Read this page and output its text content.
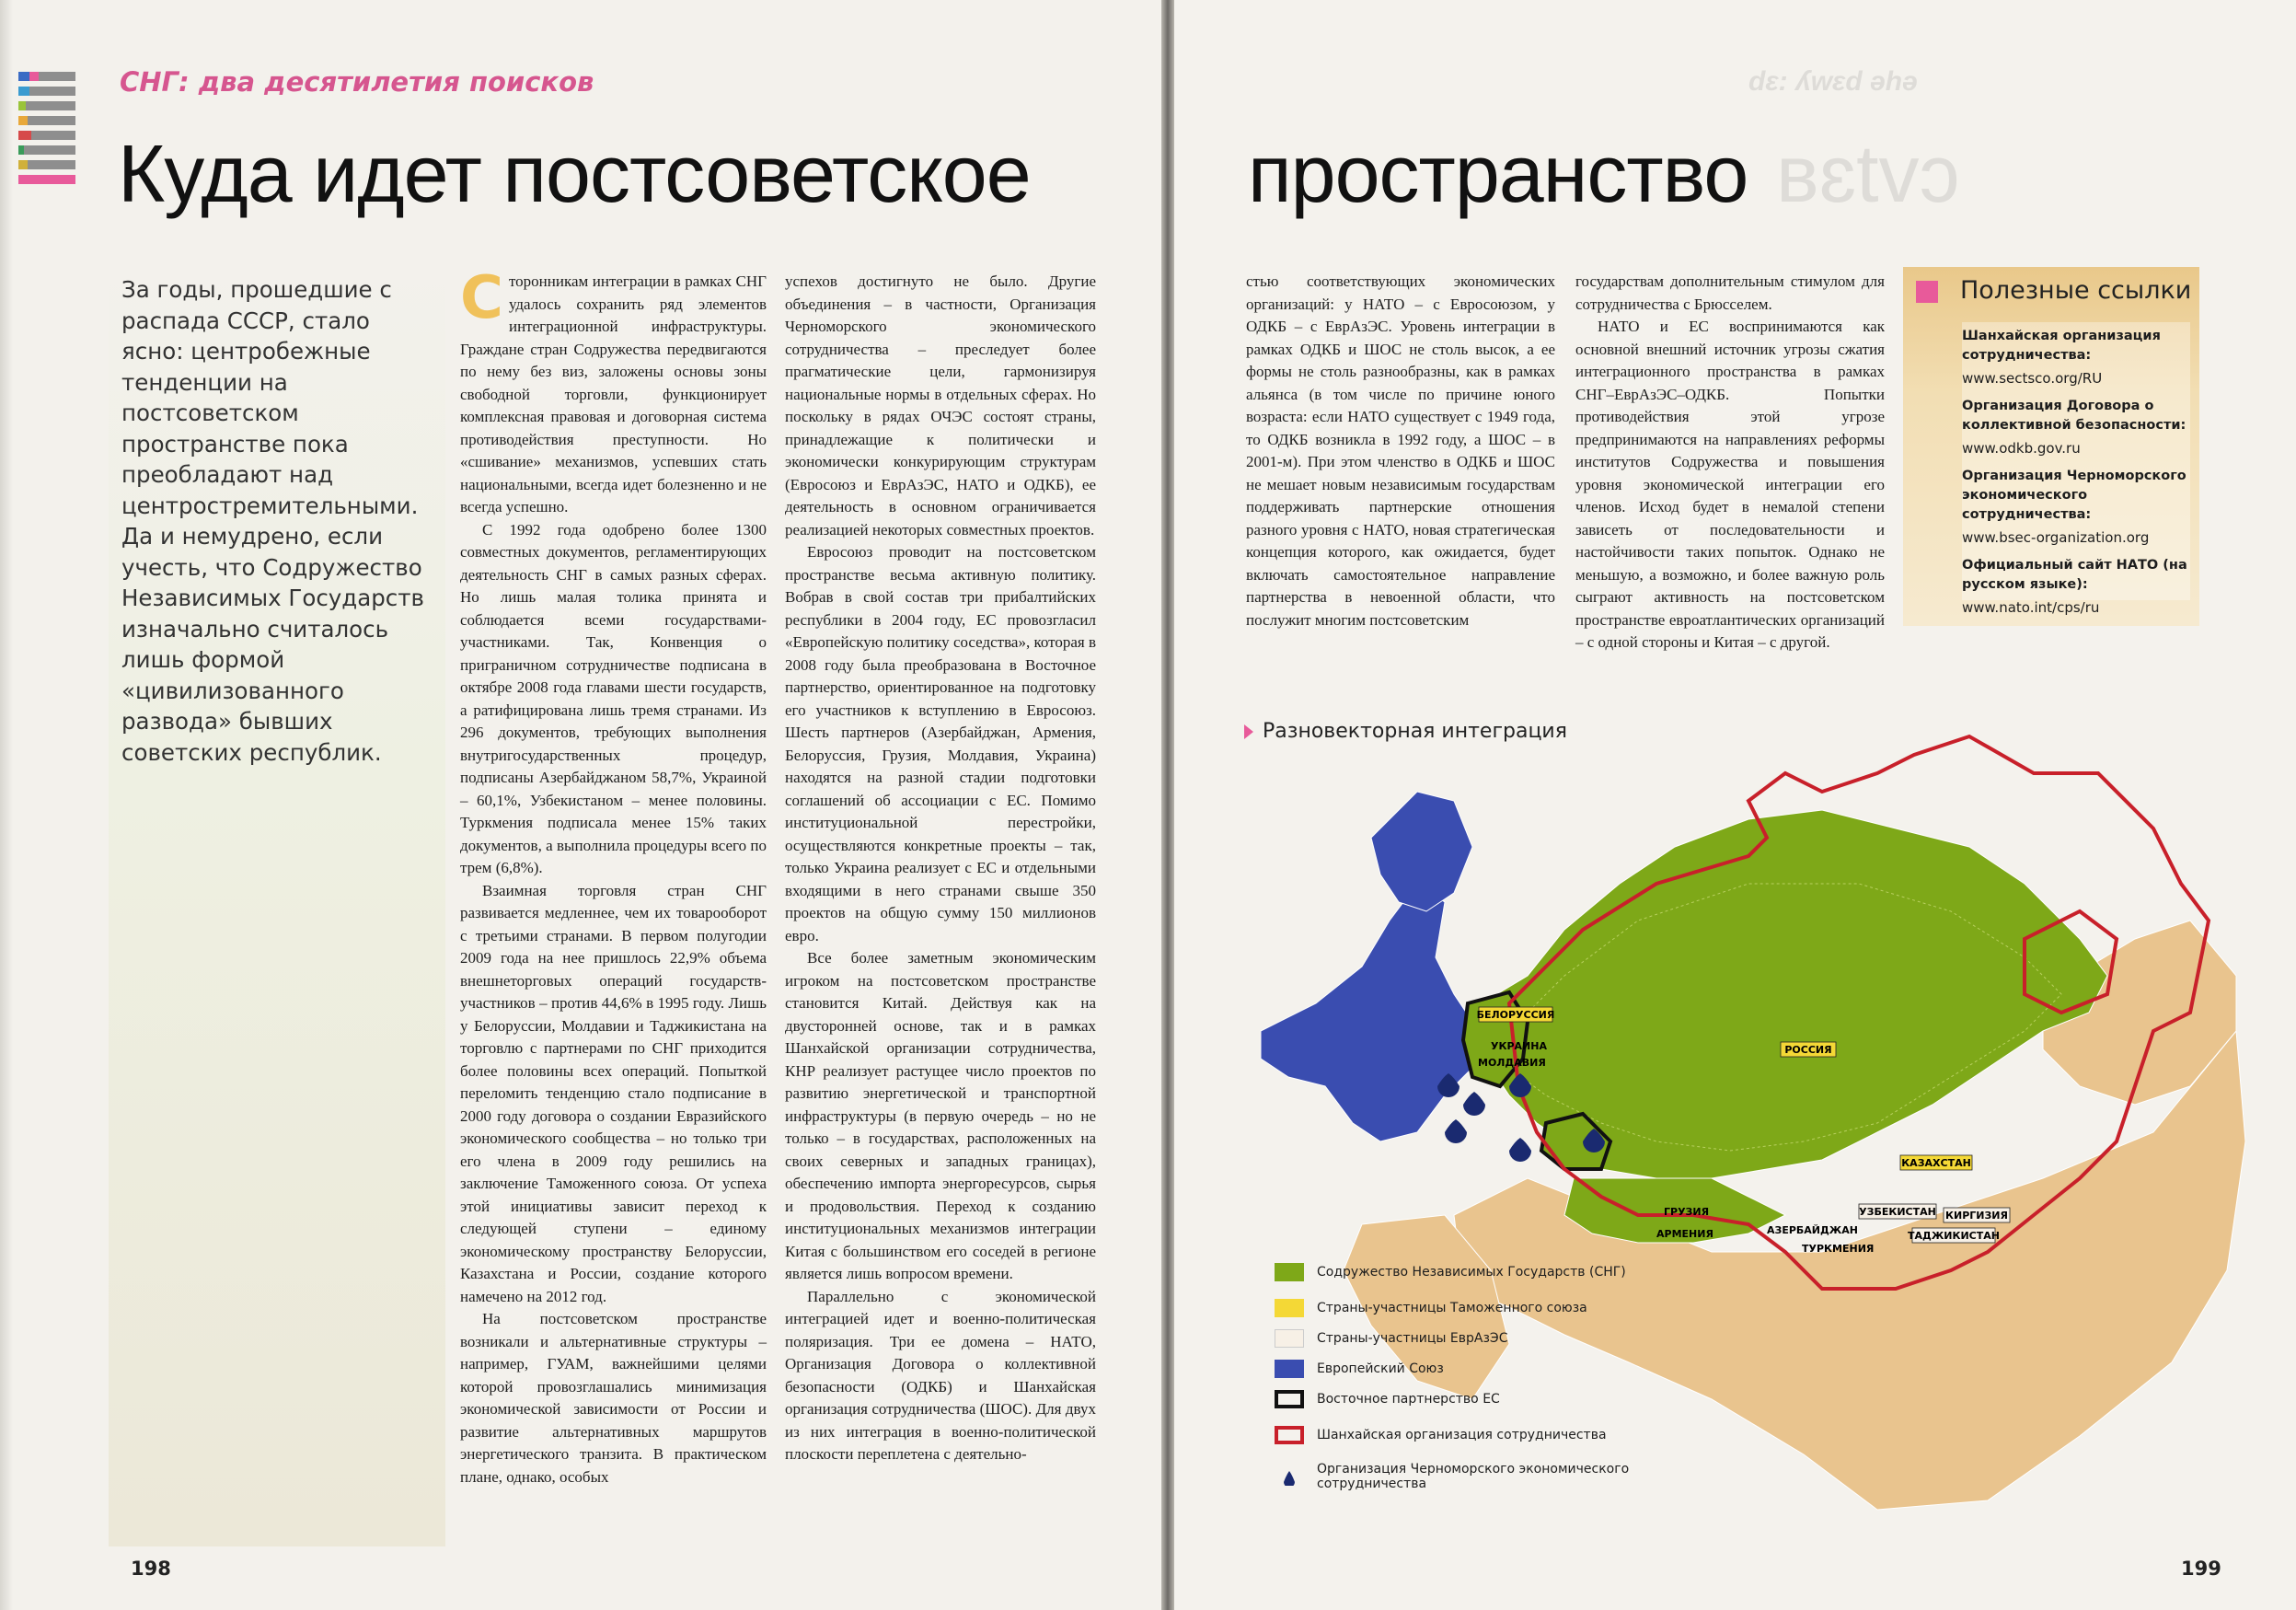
СНГ: два десятилетия поисков
Куда идет постсоветское	пространство
dɛ: ʎwɛd əhə
вɛtvɔ
За годы, прошедшие с распада СССР, стало ясно: центробежные тенденции на постсоветском пространстве пока преобладают над центростремительными. Да и немудрено, если учесть, что Содружество Независимых Государств изначально считалось лишь формой «цивилизованного развода» бывших советских республик.

Сторонникам интеграции в рамках СНГ удалось сохранить ряд элементов интеграционной инфраструктуры. Граждане стран Содружества передвигаются по нему без виз, заложены основы зоны свободной торговли, функционирует комплексная правовая и договорная система противодействия преступности. Но «сшивание» механизмов, успевших стать национальными, всегда идет болезненно и не всегда успешно.

С 1992 года одобрено более 1300 совместных документов, регламентирующих деятельность СНГ в самых разных сферах. Но лишь малая толика принята и соблюдается всеми государствами-участниками. Так, Конвенция о приграничном сотрудничестве подписана в октябре 2008 года главами шести государств, а ратифицирована лишь тремя странами. Из 296 документов, требующих выполнения внутригосударственных процедур, подписаны Азербайджаном 58,7%, Украиной – 60,1%, Узбекистаном – менее половины. Туркмения подписала менее 15% таких документов, а выполнила процедуры всего по трем (6,8%).

Взаимная торговля стран СНГ развивается медленнее, чем их товарооборот с третьими странами. В первом полугодии 2009 года на нее пришлось 22,9% объема внешнеторговых операций государств-участников – против 44,6% в 1995 году. Лишь у Белоруссии, Молдавии и Таджикистана на торговлю с партнерами по СНГ приходится более половины всех операций. Попыткой переломить тенденцию стало подписание в 2000 году договора о создании Евразийского экономического сообщества – но только три его члена в 2009 году решились на заключение Таможенного союза. От успеха этой инициативы зависит переход к следующей ступени – единому экономическому пространству Белоруссии, Казахстана и России, создание которого намечено на 2012 год.

На постсоветском пространстве возникали и альтернативные структуры – например, ГУАМ, важнейшими целями которой провозглашались минимизация экономической зависимости от России и развитие альтернативных маршрутов энергетического транзита. В практическом плане, однако, особых

успехов достигнуто не было. Другие объединения – в частности, Организация Черноморского экономического сотрудничества – преследует более прагматические цели, гармонизируя национальные нормы в отдельных сферах. Но поскольку в рядах ОЧЭС состоят страны, принадлежащие к политически и экономически конкурирующим структурам (Евросоюз и ЕврАзЭС, НАТО и ОДКБ), ее деятельность в основном ограничивается реализацией некоторых совместных проектов.

Евросоюз проводит на постсоветском пространстве весьма активную политику. Вобрав в свой состав три прибалтийских республики в 2004 году, ЕС провозгласил «Европейскую политику соседства», которая в 2008 году была преобразована в Восточное партнерство, ориентированное на подготовку его участников к вступлению в Евросоюз. Шесть партнеров (Азербайджан, Армения, Белоруссия, Грузия, Молдавия, Украина) находятся на разной стадии подготовки соглашений об ассоциации с ЕС. Помимо институциональной перестройки, осуществляются конкретные проекты – так, только Украина реализует с ЕС и отдельными входящими в него странами свыше 350 проектов на общую сумму 150 миллионов евро.

Все более заметным экономическим игроком на постсоветском пространстве становится Китай. Действуя как на двусторонней основе, так и в рамках Шанхайской организации сотрудничества, КНР реализует растущее число проектов по развитию энергетической и транспортной инфраструктуры (в первую очередь – но не только – в государствах, расположенных на своих северных и западных границах), обеспечению импорта энергоресурсов, сырья и продовольствия. Переход к созданию институциональных механизмов интеграции Китая с большинством его соседей в регионе является лишь вопросом времени.

Параллельно с экономической интеграцией идет и военно-политическая поляризация. Три ее домена – НАТО, Организация Договора о коллективной безопасности (ОДКБ) и Шанхайская организация сотрудничества (ШОС). Для двух из них интеграция в военно-политической плоскости переплетена с деятельно-

стью соответствующих экономических организаций: у НАТО – с Евросоюзом, у ОДКБ – с ЕврАзЭС. Уровень интеграции в рамках ОДКБ и ШОС не столь высок, а ее формы не столь разнообразны, как в рамках альянса (в том числе по причине юного возраста: если НАТО существует с 1949 года, то ОДКБ возникла в 1992 году, а ШОС – в 2001-м). При этом членство в ОДКБ и ШОС не мешает новым независимым государствам поддерживать партнерские отношения разного уровня с НАТО, новая стратегическая концепция которого, как ожидается, будет включать самостоятельное направление партнерства в невоенной области, что послужит многим постсоветским

государствам дополнительным стимулом для сотрудничества с Брюсселем.

НАТО и ЕС воспринимаются как основной внешний источник угрозы сжатия интеграционного пространства в рамках СНГ–ЕврАзЭС–ОДКБ. Попытки противодействия этой угрозе предпринимаются на направлениях реформы институтов Содружества и повышения уровня экономической интеграции его членов. Исход будет в немалой степени зависеть от последовательности и настойчивости таких попыток. Однако не меньшую, а возможно, и более важную роль сыграют активность на постсоветском пространстве евроатлантических организаций – с одной стороны и Китая – с другой.

Полезные ссылки
Шанхайская организация сотрудничества:
www.sectsco.org/RU
Организация Договора о коллективной безопасности:
www.odkb.gov.ru
Организация Черноморского экономического сотрудничества:
www.bsec-organization.org
Официальный сайт НАТО (на русском языке):
www.nato.int/cps/ru
РОССИЯ
БЕЛОРУССИЯ
УКРАИНА
МОЛДАВИЯ
КАЗАХСТАН
УЗБЕКИСТАН КИРГИЗИЯ
ТАДЖИКИСТАН
ТУРКМЕНИЯ
ГРУЗИЯ
АРМЕНИЯ	АЗЕРБАЙДЖАН
Разновекторная интеграция
Содружество Независимых Государств (СНГ)
Страны-участницы Таможенного союза
Страны-участницы ЕврАзЭС
Европейский Союз
Восточное партнерство ЕС
Шанхайская организация сотрудничества
Организация Черноморского экономического сотрудничества
198	199
